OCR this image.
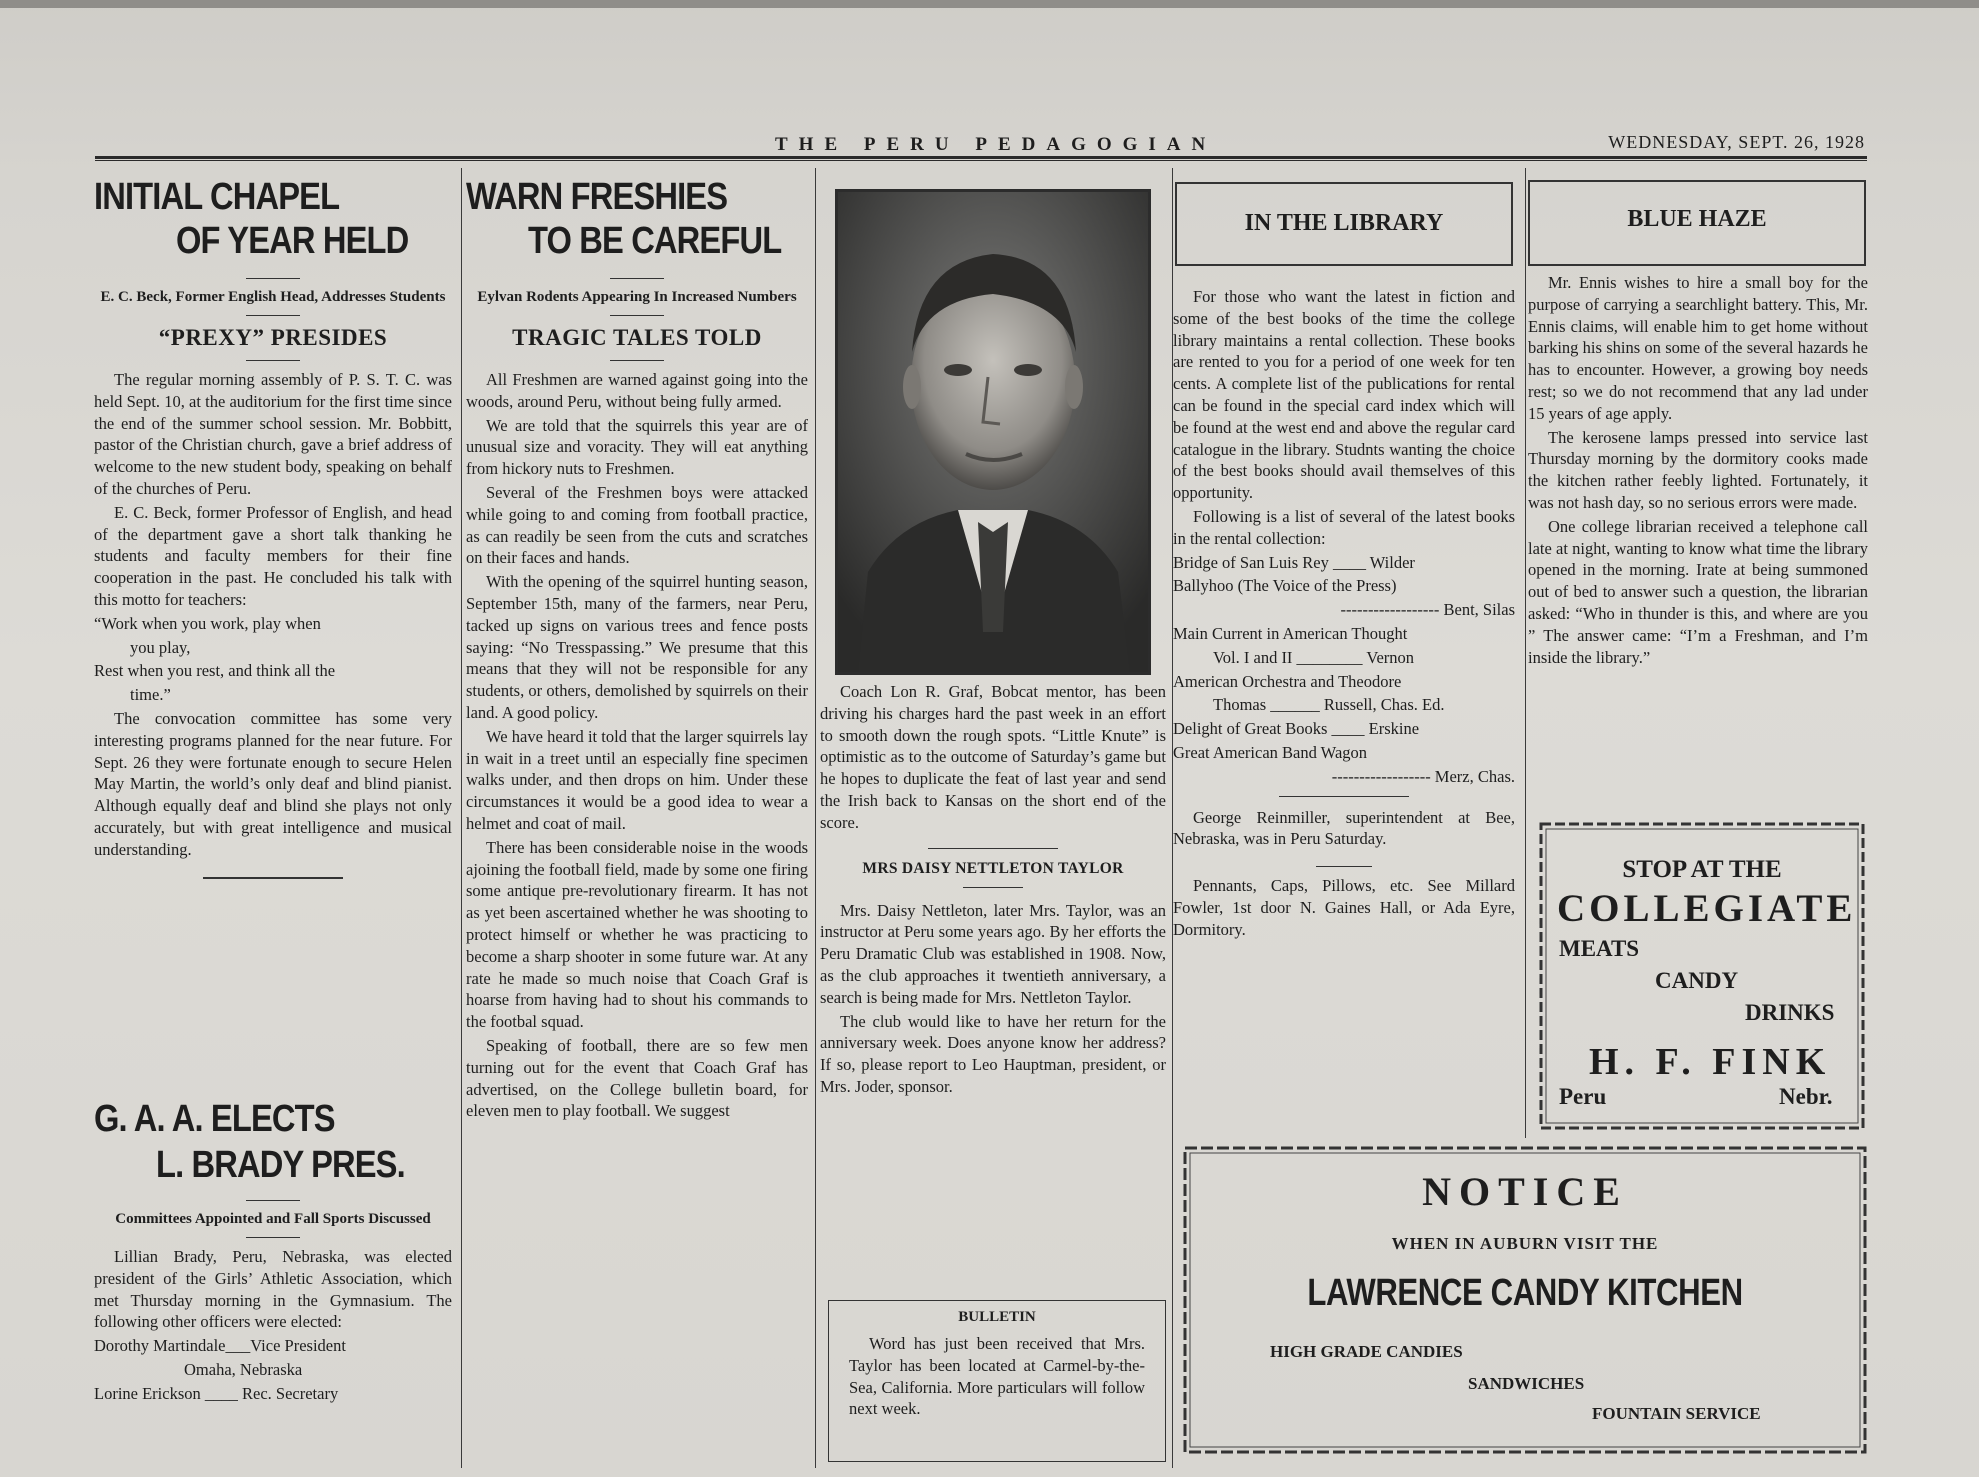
THE PERU PEDAGOGIAN	WEDNESDAY, SEPT. 26, 1928
INITIAL CHAPEL
OF YEAR HELD

E. C. Beck, Former English Head, Addresses Students

“PREXY” PRESIDES

The regular morning assembly of P. S. T. C. was held Sept. 10, at the auditorium for the first time since the end of the summer school session. Mr. Bobbitt, pastor of the Christian church, gave a brief address of welcome to the new student body, speaking on behalf of the churches of Peru.

E. C. Beck, former Professor of English, and head of the department gave a short talk thanking he students and faculty members for their fine cooperation in the past. He concluded his talk with this motto for teachers:

“Work when you work, play when

you play,

Rest when you rest, and think all the

time.”

The convocation committee has some very interesting programs planned for the near future. For Sept. 26 they were fortunate enough to secure Helen May Martin, the world’s only deaf and blind pianist. Although equally deaf and blind she plays not only accurately, but with great intelligence and musical understanding.

G. A. A. ELECTS
L. BRADY PRES.

Committees Appointed and Fall Sports Discussed

Lillian Brady, Peru, Nebraska, was elected president of the Girls’ Athletic Association, which met Thursday morning in the Gymnasium. The following other officers were elected:

Dorothy Martindale___Vice President

Omaha, Nebraska

Lorine Erickson ____ Rec. Secretary

WARN FRESHIES
TO BE CAREFUL

Eylvan Rodents Appearing In Increased Numbers

TRAGIC TALES TOLD

All Freshmen are warned against going into the woods, around Peru, without being fully armed.

We are told that the squirrels this year are of unusual size and voracity. They will eat anything from hickory nuts to Freshmen.

Several of the Freshmen boys were attacked while going to and coming from football practice, as can readily be seen from the cuts and scratches on their faces and hands.

With the opening of the squirrel hunting season, September 15th, many of the farmers, near Peru, tacked up signs on various trees and fence posts saying: “No Tresspassing.” We presume that this means that they will not be responsible for any students, or others, demolished by squirrels on their land. A good policy.

We have heard it told that the larger squirrels lay in wait in a treet until an especially fine specimen walks under, and then drops on him. Under these circumstances it would be a good idea to wear a helmet and coat of mail.

There has been considerable noise in the woods ajoining the football field, made by some one firing some antique pre-revolutionary firearm. It has not as yet been ascertained whether he was shooting to protect himself or whether he was practicing to become a sharp shooter in some future war. At any rate he made so much noise that Coach Graf is hoarse from having had to shout his commands to the footbal squad.

Speaking of football, there are so few men turning out for the event that Coach Graf has advertised, on the College bulletin board, for eleven men to play football. We suggest

Coach Lon R. Graf, Bobcat mentor, has been driving his charges hard the past week in an effort to smooth down the rough spots. “Little Knute” is optimistic as to the outcome of Saturday’s game but he hopes to duplicate the feat of last year and send the Irish back to Kansas on the short end of the score.

MRS DAISY NETTLETON TAYLOR

Mrs. Daisy Nettleton, later Mrs. Taylor, was an instructor at Peru some years ago. By her efforts the Peru Dramatic Club was established in 1908. Now, as the club approaches it twentieth anniversary, a search is being made for Mrs. Nettleton Taylor.

The club would like to have her return for the anniversary week. Does anyone know her address? If so, please report to Leo Hauptman, president, or Mrs. Joder, sponsor.

BULLETIN

Word has just been received that Mrs. Taylor has been located at Carmel-by-the-Sea, California. More particulars will follow next week.

IN THE LIBRARY

For those who want the latest in fiction and some of the best books of the time the college library maintains a rental collection. These books are rented to you for a period of one week for ten cents. A complete list of the publications for rental can be found in the special card index which will be found at the west end and above the regular card catalogue in the library. Studnts wanting the choice of the best books should avail themselves of this opportunity.

Following is a list of several of the latest books in the rental collection:

Bridge of San Luis Rey ____ Wilder

Ballyhoo (The Voice of the Press)

------------------ Bent, Silas

Main Current in American Thought

Vol. I and II ________ Vernon

American Orchestra and Theodore

Thomas ______ Russell, Chas. Ed.

Delight of Great Books ____ Erskine

Great American Band Wagon

------------------ Merz, Chas.

George Reinmiller, superintendent at Bee, Nebraska, was in Peru Saturday.

Pennants, Caps, Pillows, etc. See Millard Fowler, 1st door N. Gaines Hall, or Ada Eyre, Dormitory.

BLUE HAZE

Mr. Ennis wishes to hire a small boy for the purpose of carrying a searchlight battery. This, Mr. Ennis claims, will enable him to get home without barking his shins on some of the several hazards he has to encounter. However, a growing boy needs rest; so we do not recommend that any lad under 15 years of age apply.

The kerosene lamps pressed into service last Thursday morning by the dormitory cooks made the kitchen rather feebly lighted. Fortunately, it was not hash day, so no serious errors were made.

One college librarian received a telephone call late at night, wanting to know what time the library opened in the morning. Irate at being summoned out of bed to answer such a question, the librarian asked: “Who in thunder is this, and where are you ” The answer came: “I’m a Freshman, and I’m inside the library.”

STOP AT THE
COLLEGIATE
MEATS
CANDY
DRINKS
H. F. FINK
Peru	Nebr.
NOTICE
WHEN IN AUBURN VISIT THE
LAWRENCE CANDY KITCHEN
HIGH GRADE CANDIES
SANDWICHES
FOUNTAIN SERVICE
